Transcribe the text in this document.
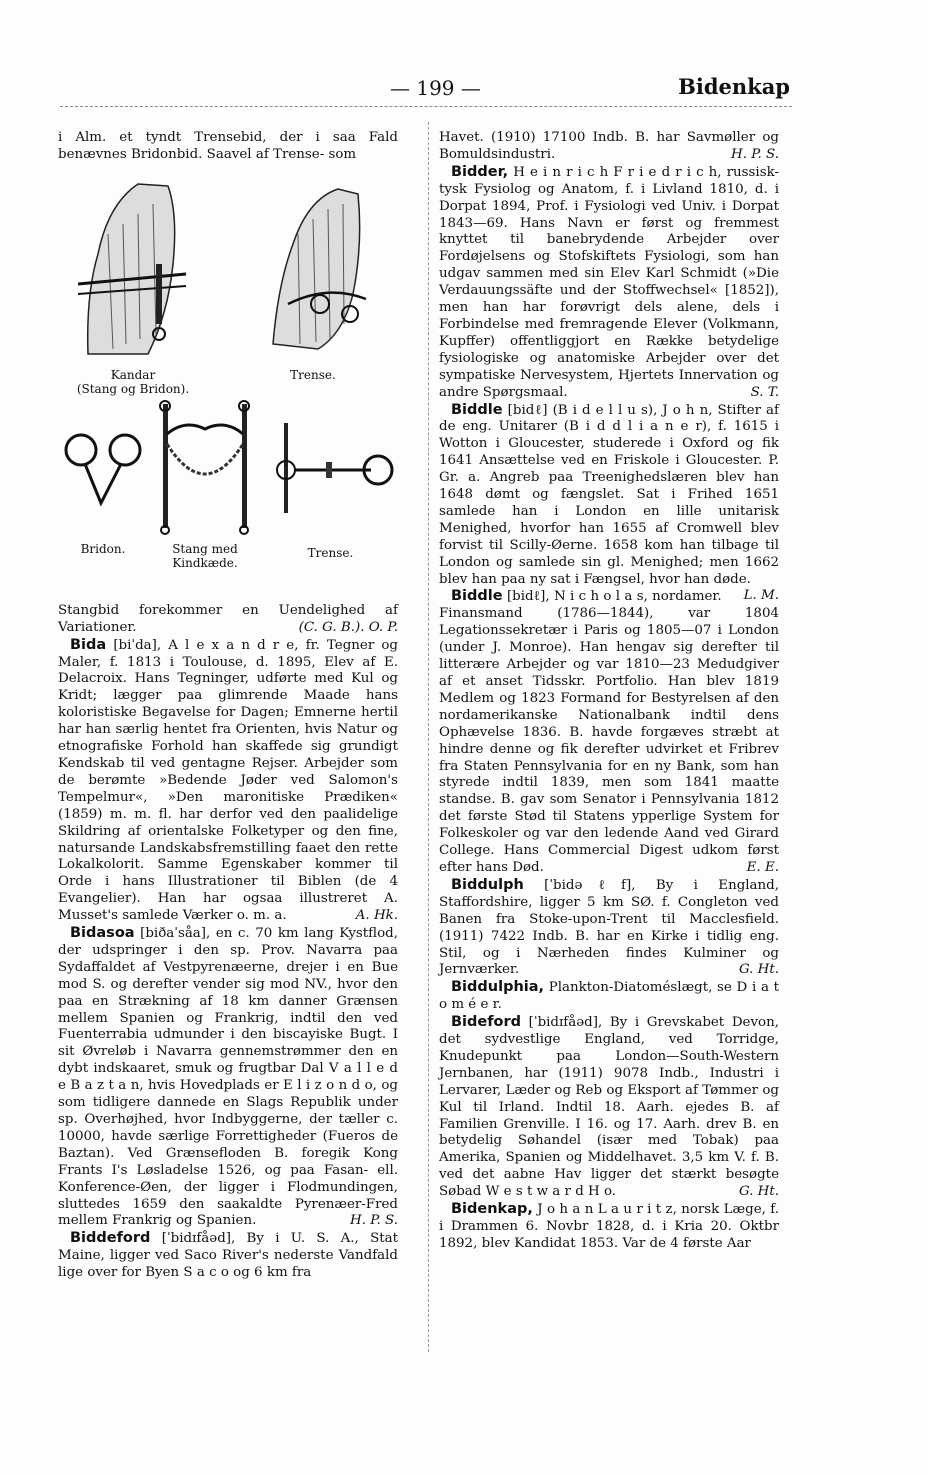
— 199 —	Bidenkap

i Alm. et tyndt Trensebid, der i saa Fald benævnes Bridonbid. Saavel af Trense- som

Kandar
(Stang og Bridon).
Trense.
Bridon.	Stang med
Kindkæde.
Trense.

Stangbid forekommer en Uendelighed af Variationer.	(C. G. B.). O. P.

Bida [biˈda], A l e x a n d r e, fr. Tegner og Maler, f. 1813 i Toulouse, d. 1895, Elev af E. Delacroix. Hans Tegninger, udførte med Kul og Kridt; lægger paa glimrende Maade hans koloristiske Begavelse for Dagen; Emnerne hertil har han særlig hentet fra Orienten, hvis Natur og etnografiske Forhold han skaffede sig grundigt Kendskab til ved gentagne Rejser. Arbejder som de berømte »Bedende Jøder ved Salomon's Tempelmur«, »Den maronitiske Prædiken« (1859) m. m. fl. har derfor ved den paalidelige Skildring af orientalske Folketyper og den fine, natursande Landskabsfremstilling faaet den rette Lokalkolorit. Samme Egenskaber kommer til Orde i hans Illustrationer til Biblen (de 4 Evangelier). Han har ogsaa illustreret A. Musset's samlede Værker o. m. a.	A. Hk.

Bidasoa [biðaˈsåa], en c. 70 km lang Kystflod, der udspringer i den sp. Prov. Navarra paa Sydaffaldet af Vestpyrenæerne, drejer i en Bue mod S. og derefter vender sig mod NV., hvor den paa en Strækning af 18 km danner Grænsen mellem Spanien og Frankrig, indtil den ved Fuenterrabia udmunder i den biscayiske Bugt. I sit Øvreløb i Navarra gennemstrømmer den en dybt indskaaret, smuk og frugtbar Dal V a l l e d e B a z t a n, hvis Hovedplads er E l i z o n d o, og som tidligere dannede en Slags Republik under sp. Overhøjhed, hvor Indbyggerne, der tæller c. 10000, havde særlige Forrettigheder (Fueros de Baztan). Ved Grænsefloden B. foregik Kong Frants I's Løsladelse 1526, og paa Fasan- ell. Konference-Øen, der ligger i Flodmundingen, sluttedes 1659 den saakaldte Pyrenæer-Fred mellem Frankrig og Spanien.	H. P. S.

Biddeford [ˈbidɪfåəd], By i U. S. A., Stat Maine, ligger ved Saco River's nederste Vandfald lige over for Byen S a c o og 6 km fra

Havet. (1910) 17100 Indb. B. har Savmøller og Bomuldsindustri.	H. P. S.

Bidder, H e i n r i c h F r i e d r i c h, russisk-tysk Fysiolog og Anatom, f. i Livland 1810, d. i Dorpat 1894, Prof. i Fysiologi ved Univ. i Dorpat 1843—69. Hans Navn er først og fremmest knyttet til banebrydende Arbejder over Fordøjelsens og Stofskiftets Fysiologi, som han udgav sammen med sin Elev Karl Schmidt (»Die Verdauungssäfte und der Stoffwechsel« [1852]), men han har forøvrigt dels alene, dels i Forbindelse med fremragende Elever (Volkmann, Kupffer) offentliggjort en Række betydelige fysiologiske og anatomiske Arbejder over det sympatiske Nervesystem, Hjertets Innervation og andre Spørgsmaal.	S. T.

Biddle [bidℓ] (B i d e l l u s), J o h n, Stifter af de eng. Unitarer (B i d d l i a n e r), f. 1615 i Wotton i Gloucester, studerede i Oxford og fik 1641 Ansættelse ved en Friskole i Gloucester. P. Gr. a. Angreb paa Treenighedslæren blev han 1648 dømt og fængslet. Sat i Frihed 1651 samlede han i London en lille unitarisk Menighed, hvorfor han 1655 af Cromwell blev forvist til Scilly-Øerne. 1658 kom han tilbage til London og samlede sin gl. Menighed; men 1662 blev han paa ny sat i Fængsel, hvor han døde.
L. M.

Biddle [bidℓ], N i c h o l a s, nordamer. Finansmand (1786—1844), var 1804 Legationssekretær i Paris og 1805—07 i London (under J. Monroe). Han hengav sig derefter til litterære Arbejder og var 1810—23 Medudgiver af et anset Tidsskr. Portfolio. Han blev 1819 Medlem og 1823 Formand for Bestyrelsen af den nordamerikanske Nationalbank indtil dens Ophævelse 1836. B. havde forgæves stræbt at hindre denne og fik derefter udvirket et Fribrev fra Staten Pennsylvania for en ny Bank, som han styrede indtil 1839, men som 1841 maatte standse. B. gav som Senator i Pennsylvania 1812 det første Stød til Statens ypperlige System for Folkeskoler og var den ledende Aand ved Girard College. Hans Commercial Digest udkom først efter hans Død.	E. E.

Biddulph [ˈbidəℓf], By i England, Staffordshire, ligger 5 km SØ. f. Congleton ved Banen fra Stoke-upon-Trent til Macclesfield. (1911) 7422 Indb. B. har en Kirke i tidlig eng. Stil, og i Nærheden findes Kulminer og Jernværker.	G. Ht.

Biddulphia, Plankton-Diatoméslægt, se D i a t o m é e r.

Bideford [ˈbidɪfåəd], By i Grevskabet Devon, det sydvestlige England, ved Torridge, Knudepunkt paa London—South-Western Jernbanen, har (1911) 9078 Indb., Industri i Lervarer, Læder og Reb og Eksport af Tømmer og Kul til Irland. Indtil 18. Aarh. ejedes B. af Familien Grenville. I 16. og 17. Aarh. drev B. en betydelig Søhandel (især med Tobak) paa Amerika, Spanien og Middelhavet. 3,5 km V. f. B. ved det aabne Hav ligger det stærkt besøgte Søbad W e s t w a r d H o.	G. Ht.

Bidenkap, J o h a n L a u r i t z, norsk Læge, f. i Drammen 6. Novbr 1828, d. i Kria 20. Oktbr 1892, blev Kandidat 1853. Var de 4 første Aar
